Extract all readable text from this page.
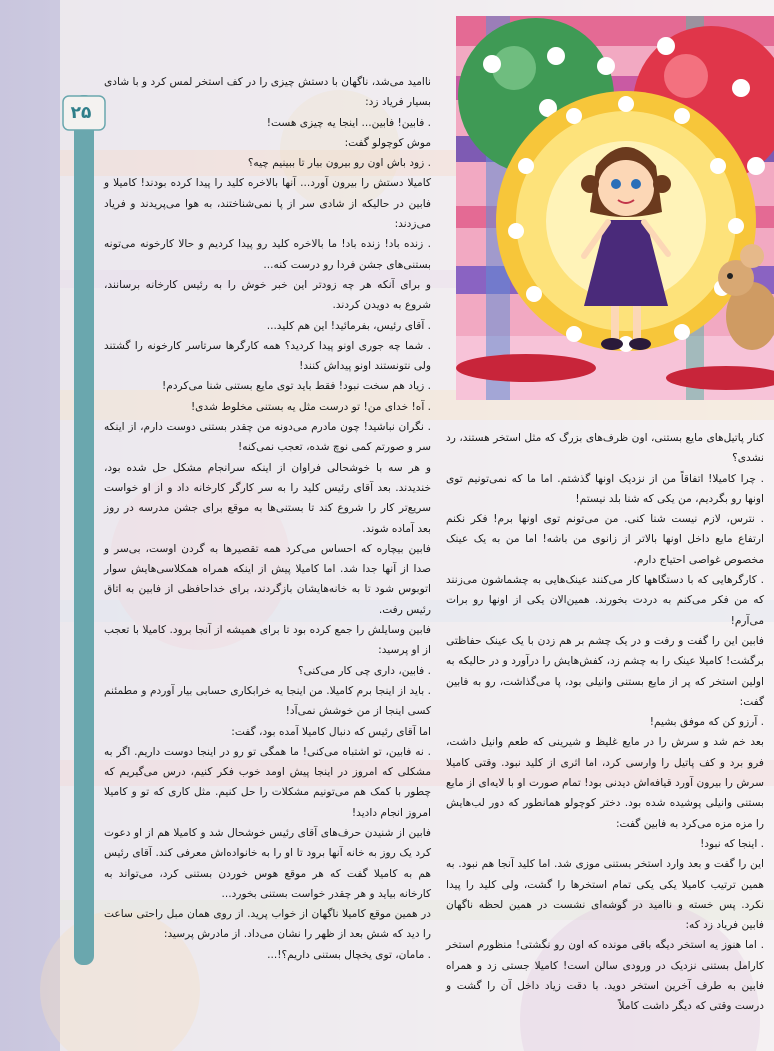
۲۵

ناامید می‌شد، ناگهان با دستش چیزی را در کف استخر لمس کرد و با شادی بسیار فریاد زد:

. فابین! فابین... اینجا یه چیزی هست!

موش کوچولو گفت:

. زود باش اون رو بیرون بیار تا ببینیم چیه؟

کامیلا دستش را بیرون آورد... آنها بالاخره کلید را پیدا کرده بودند! کامیلا و فابین در حالیکه از شادی سر از پا نمی‌شناختند، به هوا می‌پریدند و فریاد می‌زدند:

. زنده باد! زنده باد! ما بالاخره کلید رو پیدا کردیم و حالا کارخونه می‌تونه بستنی‌های جشن فردا رو درست کنه...

و برای آنکه هر چه زودتر این خبر خوش را به رئیس کارخانه برسانند، شروع به دویدن کردند.

. آقای رئیس، بفرمائید! این هم کلید...

. شما چه جوری اونو پیدا کردید؟ همه کارگرها سرتاسر کارخونه را گشتند ولی نتونستند اونو پیداش کنند!

. زیاد هم سخت نبود! فقط باید توی مایع بستنی شنا می‌کردم!

. آه! خدای من! تو درست مثل یه بستنی مخلوط شدی!

. نگران نباشید! چون مادرم می‌دونه من چقدر بستنی دوست دارم، از اینکه سر و صورتم کمی نوچ شده، تعجب نمی‌کنه!

و هر سه با خوشحالی فراوان از اینکه سرانجام مشکل حل شده بود، خندیدند. بعد آقای رئیس کلید را به سر کارگر کارخانه داد و از او خواست سریع‌تر کار را شروع کند تا بستنی‌ها به موقع برای جشن مدرسه در روز بعد آماده شوند.

فابین بیچاره که احساس می‌کرد همه تقصیرها به گردن اوست، بی‌سر و صدا از آنها جدا شد. اما کامیلا پیش از اینکه همراه همکلاسی‌هایش سوار اتوبوس شود تا به خانه‌هایشان بازگردند، برای خداحافظی از فابین به اتاق رئیس رفت.

فابین وسایلش را جمع کرده بود تا برای همیشه از آنجا برود. کامیلا با تعجب از او پرسید:

. فابین، داری چی کار می‌کنی؟

. باید از اینجا برم کامیلا. من اینجا یه خرابکاری حسابی بیار آوردم و مطمئنم کسی اینجا از من خوشش نمی‌آد!

اما آقای رئیس که دنبال کامیلا آمده بود، گفت:

. نه فابین، تو اشتباه می‌کنی! ما همگی تو رو در اینجا دوست داریم. اگر به مشکلی که امروز در اینجا پیش اومد خوب فکر کنیم، درس می‌گیریم که چطور با کمک هم می‌تونیم مشکلات را حل کنیم. مثل کاری که تو و کامیلا امروز انجام دادید!

فابین از شنیدن حرف‌های آقای رئیس خوشحال شد و کامیلا هم از او دعوت کرد یک روز به خانه آنها برود تا او را به خانواده‌اش معرفی کند. آقای رئیس هم به کامیلا گفت که هر موقع هوس خوردن بستنی کرد، می‌تواند به کارخانه بیاید و هر چقدر خواست بستنی بخورد...

در همین موقع کامیلا ناگهان از خواب پرید. از روی همان مبل راحتی ساعت را دید که شش بعد از ظهر را نشان می‌داد. از مادرش پرسید:

. مامان، توی یخچال بستنی داریم؟!...

کنار پاتیل‌های مایع بستنی، اون ظرف‌های بزرگ که مثل استخر هستند، رد نشدی؟

. چرا کامیلا! اتفاقاً من از نزدیک اونها گذشتم. اما ما که نمی‌تونیم توی اونها رو بگردیم، من یکی که شنا بلد نیستم!

. نترس، لازم نیست شنا کنی. من می‌تونم توی اونها برم! فکر نکنم ارتفاع مایع داخل اونها بالاتر از زانوی من باشه! اما من به یک عینک مخصوص غواصی احتیاج دارم.

. کارگرهایی که با دستگاهها کار می‌کنند عینک‌هایی به چشماشون می‌زنند که من فکر می‌کنم به دردت بخورند. همین‌الان یکی از اونها رو برات می‌آرم!

فابین این را گفت و رفت و در یک چشم بر هم زدن با یک عینک حفاظتی برگشت! کامیلا عینک را به چشم زد، کفش‌هایش را درآورد و در حالیکه به اولین استخر که پر از مایع بستنی وانیلی بود، پا می‌گذاشت، رو به فابین گفت:

. آرزو کن که موفق بشیم!

بعد خم شد و سرش را در مایع غلیظ و شیرینی که طعم وانیل داشت، فرو برد و کف پاتیل را وارسی کرد، اما اثری از کلید نبود. وقتی کامیلا سرش را بیرون آورد قیافه‌اش دیدنی بود! تمام صورت او با لایه‌ای از مایع بستنی وانیلی پوشیده شده بود. دختر کوچولو همانطور که دور لب‌هایش را مزه مزه می‌کرد به فابین گفت:

. اینجا که نبود!

این را گفت و بعد وارد استخر بستنی موزی شد. اما کلید آنجا هم نبود. به همین ترتیب کامیلا یکی یکی تمام استخرها را گشت، ولی کلید را پیدا نکرد. پس خسته و ناامید در گوشه‌ای نشست در همین لحظه ناگهان فابین فریاد زد که:

. اما هنوز یه استخر دیگه باقی مونده که اون رو نگشتی! منظورم استخر کارامل بستنی نزدیک در ورودی سالن است! کامیلا جستی زد و همراه فابین به طرف آخرین استخر دوید. با دقت زیاد داخل آن را گشت و درست وقتی که دیگر داشت کاملاً
